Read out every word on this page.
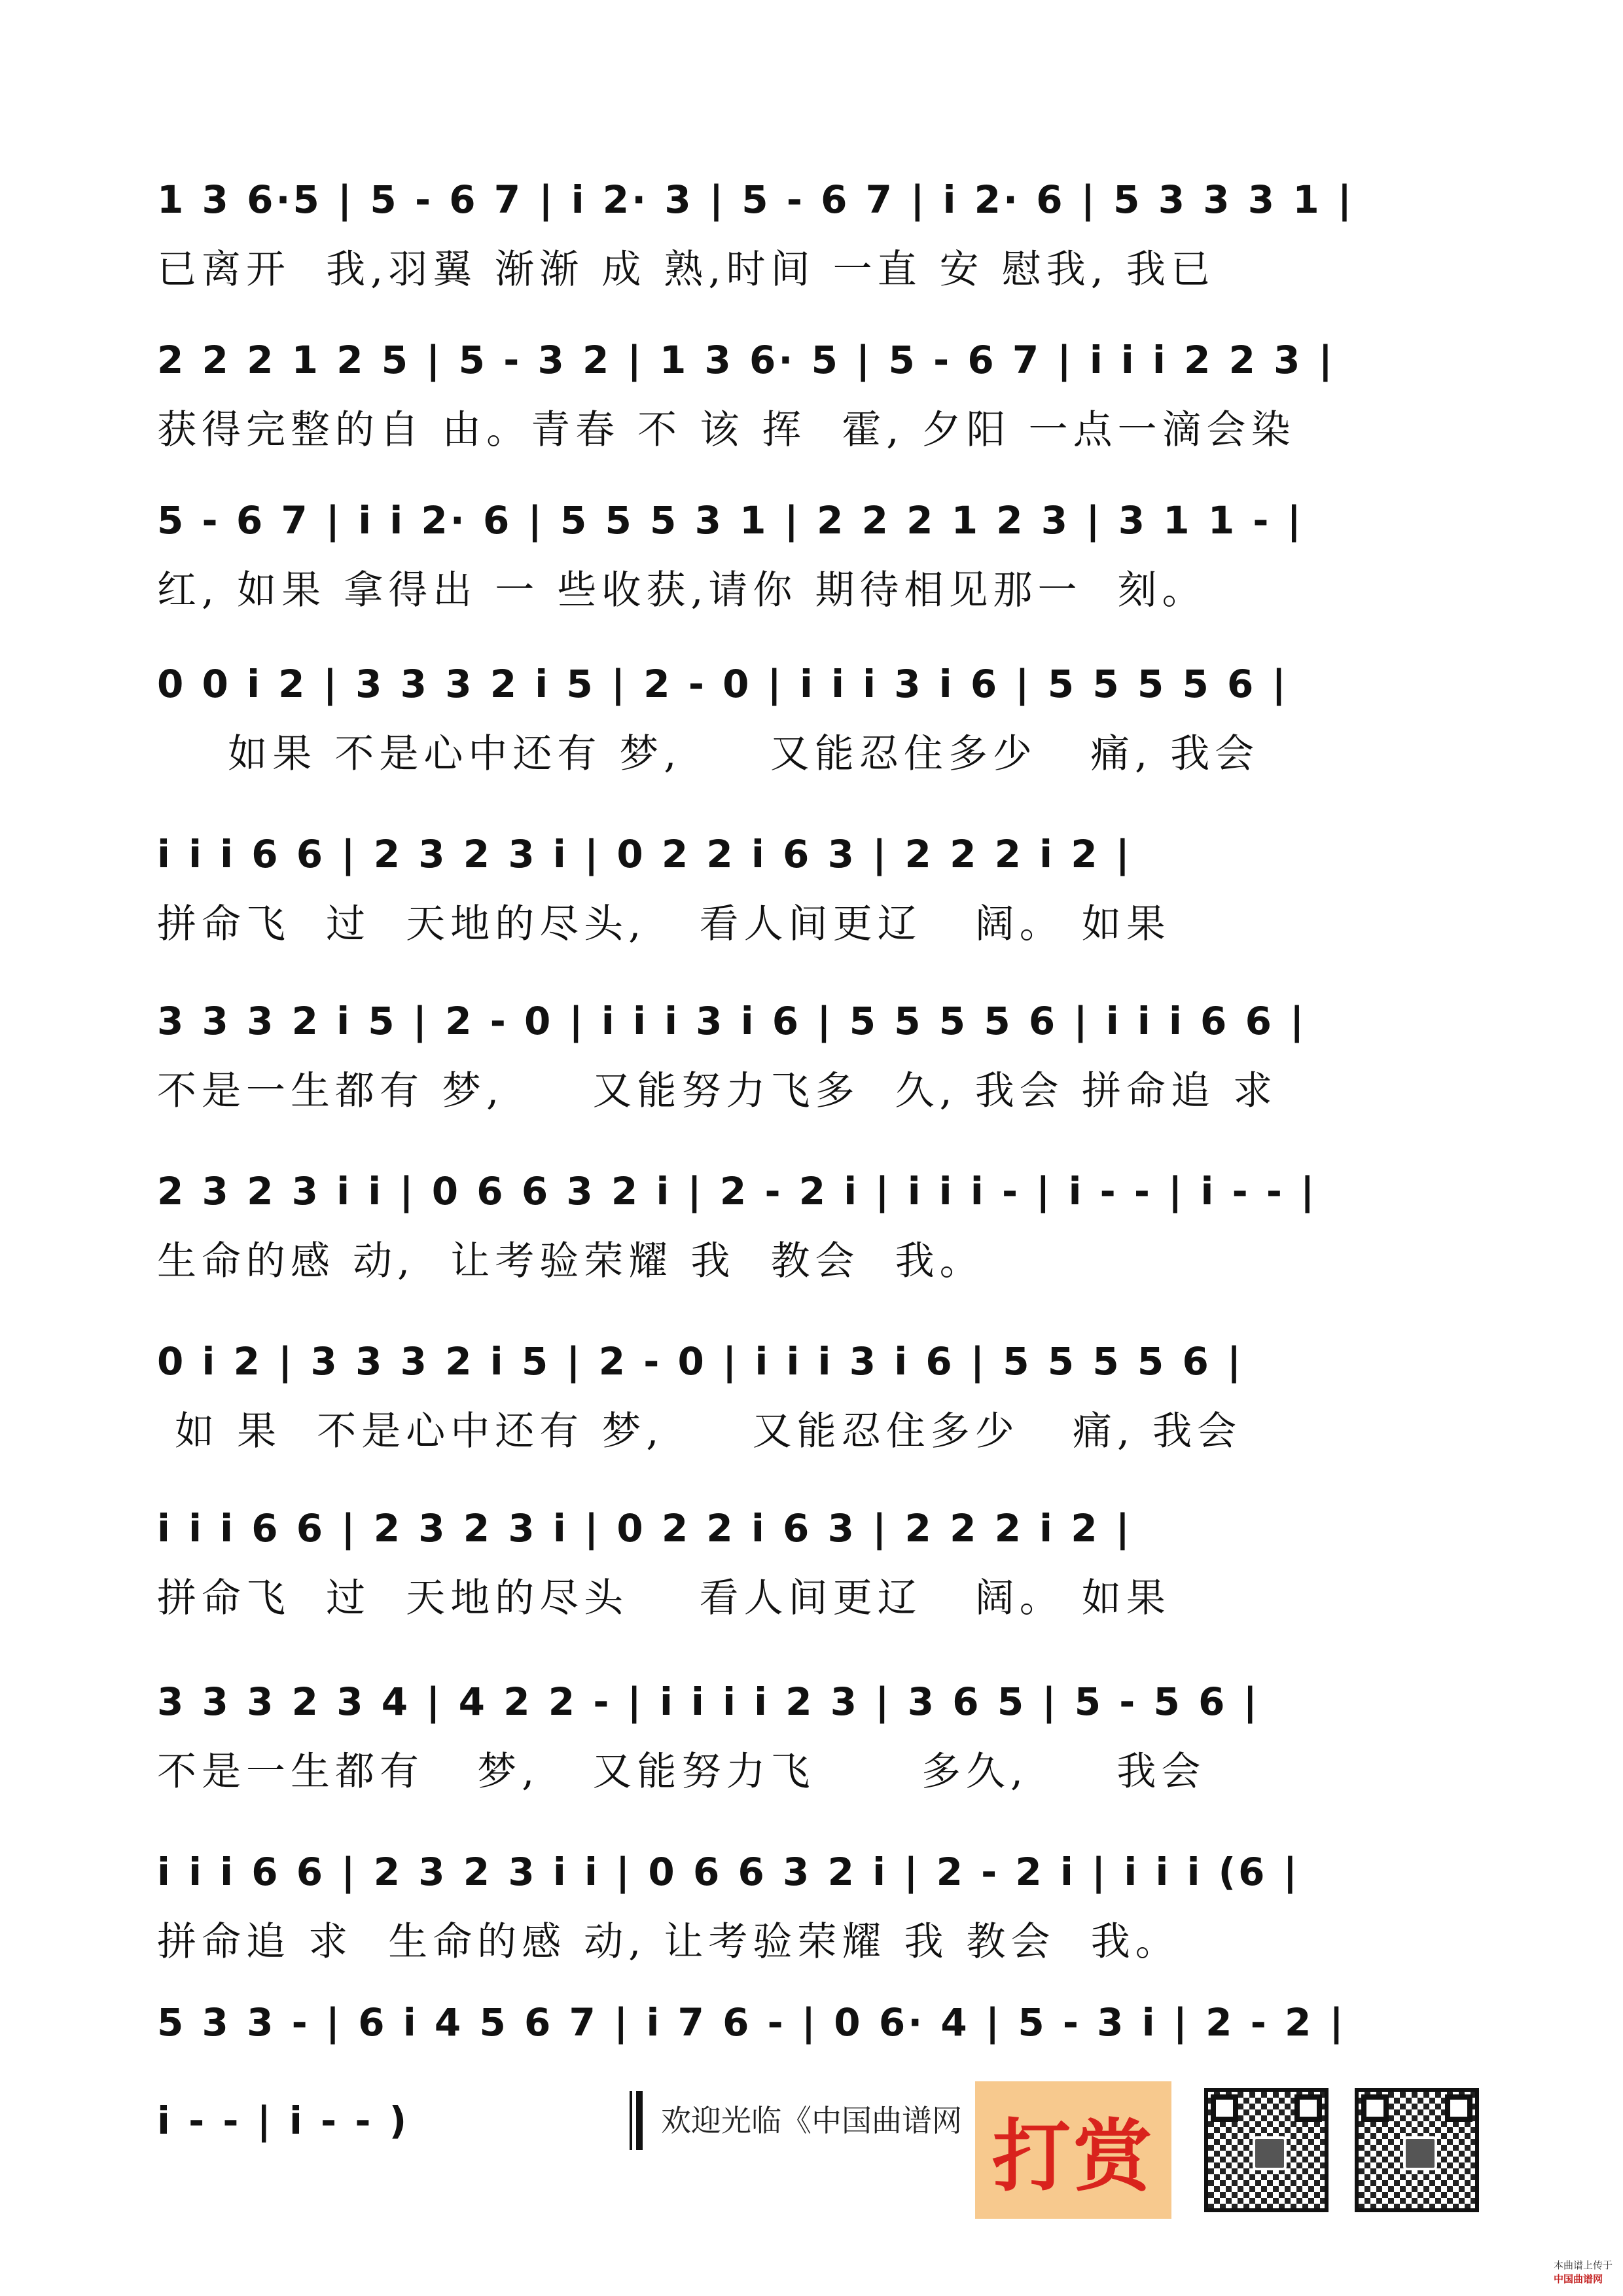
1 3 6·5 | 5 - 6 7 | i 2· 3 | 5 - 6 7 | i 2· 6 | 5 3 3 3 1 |
已离开  我,羽翼 渐渐 成 熟,时间 一直 安 慰我, 我已
2 2 2 1 2 5 | 5 - 3 2 | 1 3 6· 5 | 5 - 6 7 | i i i 2 2 3 |
获得完整的自 由。青春 不 该 挥  霍, 夕阳 一点一滴会染
5 - 6 7 | i i 2· 6 | 5 5 5 3 1 | 2 2 2 1 2 3 | 3 1 1 - |
红, 如果 拿得出 一 些收获,请你 期待相见那一  刻。
0 0 i 2 | 3 3 3 2 i 5 | 2 - 0 | i i i 3 i 6 | 5 5 5 5 6 |
如果 不是心中还有 梦,     又能忍住多少   痛, 我会
i i i 6 6 | 2 3 2 3 i | 0 2 2 i 6 3 | 2 2 2 i 2 |
拼命飞  过  天地的尽头,   看人间更辽   阔。 如果
3 3 3 2 i 5 | 2 - 0 | i i i 3 i 6 | 5 5 5 5 6 | i i i 6 6 |
不是一生都有 梦,     又能努力飞多  久, 我会 拼命追 求
2 3 2 3 i i | 0 6 6 3 2 i | 2 - 2 i | i i i - | i - - | i - - |
生命的感 动,  让考验荣耀 我  教会  我。
0 i 2 | 3 3 3 2 i 5 | 2 - 0 | i i i 3 i 6 | 5 5 5 5 6 |
如 果  不是心中还有 梦,     又能忍住多少   痛, 我会
i i i 6 6 | 2 3 2 3 i | 0 2 2 i 6 3 | 2 2 2 i 2 |
拼命飞  过  天地的尽头    看人间更辽   阔。 如果
3 3 3 2 3 4 | 4 2 2 - | i i i i 2 3 | 3 6 5 | 5 - 5 6 |
不是一生都有   梦,   又能努力飞      多久,     我会
i i i 6 6 | 2 3 2 3 i i | 0 6 6 3 2 i | 2 - 2 i | i i i (6 |
拼命追 求  生命的感 动, 让考验荣耀 我 教会  我。
5 3 3 - | 6 i 4 5 6 7 | i 7 6 - | 0 6· 4 | 5 - 3 i | 2 - 2 |
i - - | i - - )	欢迎光临《中国曲谱网 打赏

本曲谱上传于
中国曲谱网
